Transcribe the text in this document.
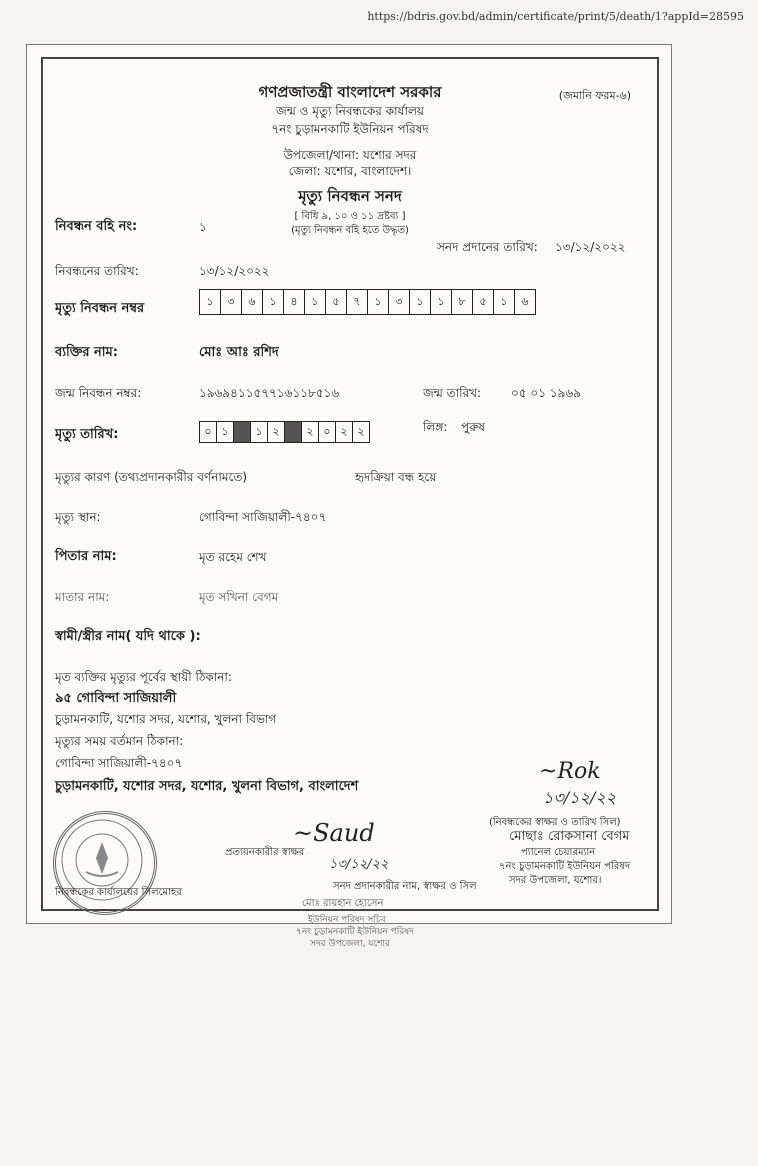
https://bdris.gov.bd/admin/certificate/print/5/death/1?appId=28595
গণপ্রজাতন্ত্রী বাংলাদেশ সরকার	(জমানি ফরম-৬)
জন্ম ও মৃত্যু নিবন্ধকের কার্যালয়
৭নং চুড়ামনকাটি ইউনিয়ন পরিষদ
উপজেলা/থানা: যশোর সদর
জেলা: যশোর, বাংলাদেশ।
মৃত্যু নিবন্ধন সনদ
[ বিধি ৯, ১০ ও ১১ দ্রষ্টব্য ]
(মৃত্যু নিবন্ধন বহি হতে উদ্ধৃত)
নিবন্ধন বহি নং:	১
সনদ প্রদানের তারিখ: ১৩/১২/২০২২
নিবন্ধনের তারিখ:	১৩/১২/২০২২
মৃত্যু নিবন্ধন নম্বর	১	৩	৬	১	৪	১	৫	৭	১	৩	১	১	৮	৫	১	৬
ব্যক্তির নাম:	মোঃ আঃ রশিদ
জন্ম নিবন্ধন নম্বর:	১৯৬৯৪১১৫৭৭১৬১১৮৫১৬	জন্ম তারিখ: ০৫ ০১ ১৯৬৯
মৃত্যু তারিখ:	০ ১	১ ২	২ ০ ২ ২	লিঙ্গ: পুরুষ
মৃত্যুর কারণ (তথ্যপ্রদানকারীর বর্ণনামতে)	হৃদক্রিয়া বন্ধ হয়ে
মৃত্যু স্থান:	গোবিন্দা সাজিয়ালী-৭৪০৭
পিতার নাম:	মৃত রহেম শেখ
মাতার নাম:	মৃত সখিনা বেগম
স্বামী/স্ত্রীর নাম( যদি থাকে ):
মৃত ব্যক্তির মৃত্যুর পূর্বের স্থায়ী ঠিকানা:
৯৫ গোবিন্দা সাজিয়ালী
চুড়ামনকাটি, যশোর সদর, যশোর, খুলনা বিভাগ
মৃত্যুর সময় বর্তমান ঠিকানা:
গোবিন্দা সাজিয়ালী-৭৪০৭
চুড়ামনকাটি, যশোর সদর, যশোর, খুলনা বিভাগ, বাংলাদেশ
নিবন্ধকের কার্যালয়ের সিলমোহর
প্রত্যয়নকারীর স্বাক্ষর
~Saud
১৩/১২/২২
সনদ প্রদানকারীর নাম, স্বাক্ষর ও সিল
~Rok
১৩/১২/২২
(নিবন্ধকের স্বাক্ষর ও তারিখ সিল)
মোছাঃ রোকসানা বেগম
প্যানেল চেয়ারম্যান
৭নং চুড়ামনকাটি ইউনিয়ন পরিষদ
সদর উপজেলা, যশোর।
মোঃ রায়হান হোসেন
ইউনিয়ন পরিষদ সচিব
৭নং চুড়ামনকাটি ইউনিয়ন পরিষদ
সদর উপজেলা, যশোর
